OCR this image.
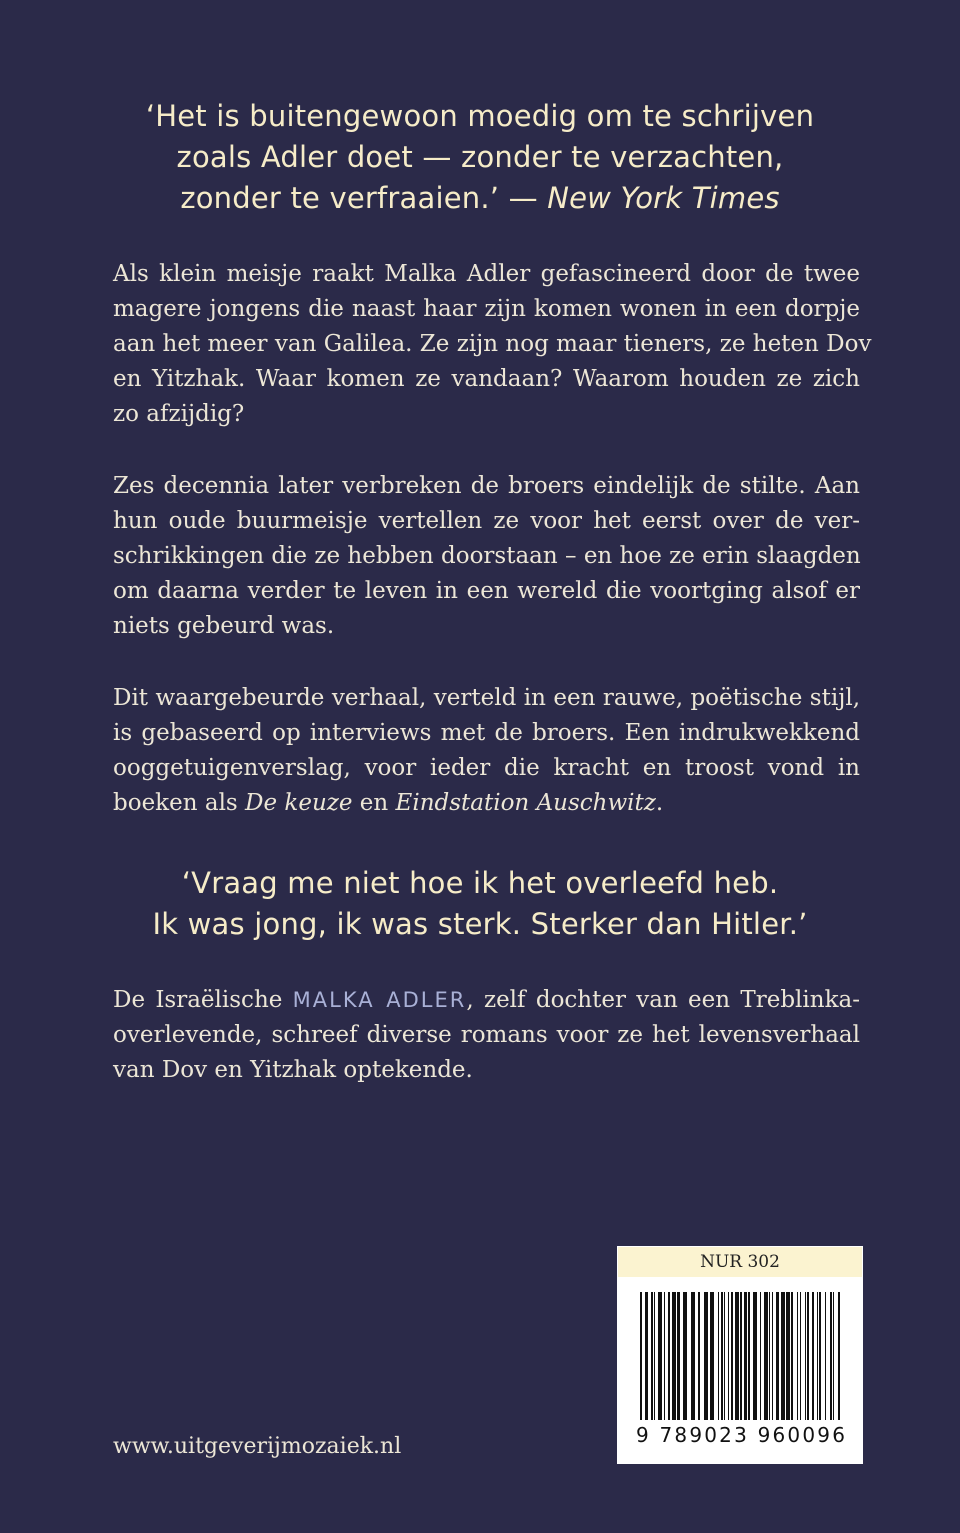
‘Het is buitengewoon moedig om te schrijven
zoals Adler doet — zonder te verzachten,
zonder te verfraaien.’ — New York Times
Als klein meisje raakt Malka Adler gefascineerd door de twee
magere jongens die naast haar zijn komen wonen in een dorpje
aan het meer van Galilea. Ze zijn nog maar tieners, ze heten Dov
en Yitzhak. Waar komen ze vandaan? Waarom houden ze zich
zo afzijdig?
Zes decennia later verbreken de broers eindelijk de stilte. Aan
hun oude buurmeisje vertellen ze voor het eerst over de ver-
schrikkingen die ze hebben doorstaan – en hoe ze erin slaagden
om daarna verder te leven in een wereld die voortging alsof er
niets gebeurd was.
Dit waargebeurde verhaal, verteld in een rauwe, poëtische stijl,
is gebaseerd op interviews met de broers. Een indrukwekkend
ooggetuigenverslag, voor ieder die kracht en troost vond in
boeken als De keuze en Eindstation Auschwitz.
‘Vraag me niet hoe ik het overleefd heb.
Ik was jong, ik was sterk. Sterker dan Hitler.’
De Israëlische MALKA ADLER, zelf dochter van een Treblinka-
overlevende, schreef diverse romans voor ze het levensverhaal
van Dov en Yitzhak optekende.
www.uitgeverijmozaiek.nl
NUR 302
9 789023 960096
